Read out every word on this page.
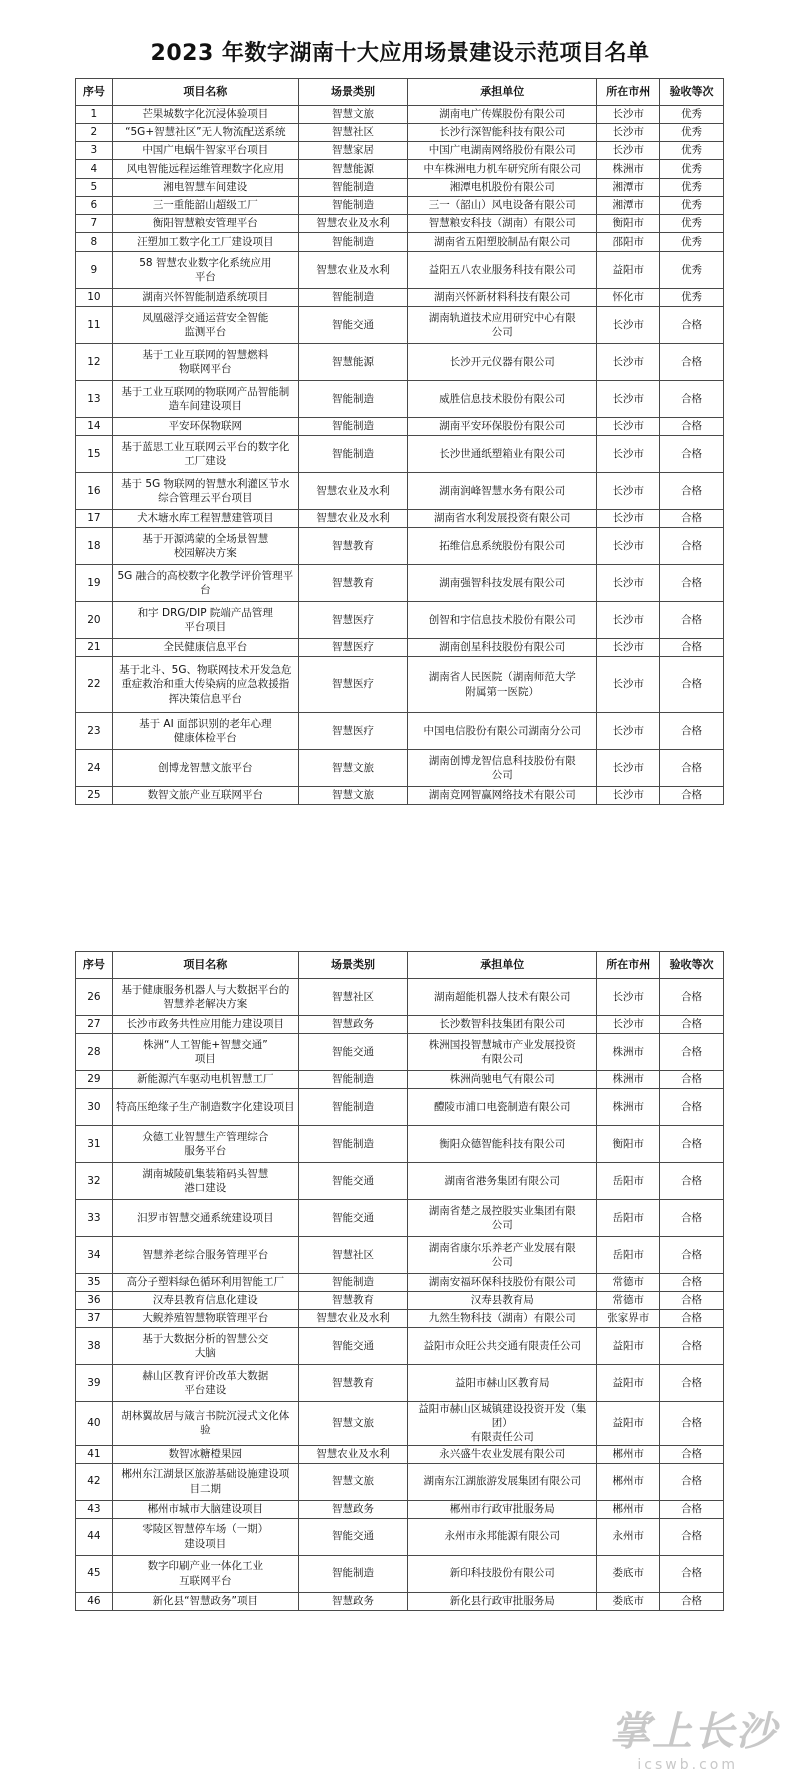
2023 年数字湖南十大应用场景建设示范项目名单
序号	项目名称	场景类别	承担单位	所在市州	验收等次
1	芒果城数字化沉浸体验项目	智慧文旅	湖南电广传媒股份有限公司	长沙市	优秀
2	“5G+智慧社区”无人物流配送系统	智慧社区	长沙行深智能科技有限公司	长沙市	优秀
3	中国广电蜗牛智家平台项目	智慧家居	中国广电湖南网络股份有限公司	长沙市	优秀
4	风电智能远程运维管理数字化应用	智慧能源	中车株洲电力机车研究所有限公司	株洲市	优秀
5	湘电智慧车间建设	智能制造	湘潭电机股份有限公司	湘潭市	优秀
6	三一重能韶山超级工厂	智能制造	三一（韶山）风电设备有限公司	湘潭市	优秀
7	衡阳智慧粮安管理平台	智慧农业及水利	智慧粮安科技（湖南）有限公司	衡阳市	优秀
8	汪塑加工数字化工厂建设项目	智能制造	湖南省五阳塑胶制品有限公司	邵阳市	优秀
9	58 智慧农业数字化系统应用
平台	智慧农业及水利	益阳五八农业服务科技有限公司	益阳市	优秀
10	湖南兴怀智能制造系统项目	智能制造	湖南兴怀新材料科技有限公司	怀化市	优秀
11	凤凰磁浮交通运营安全智能
监测平台	智能交通	湖南轨道技术应用研究中心有限
公司	长沙市	合格
12	基于工业互联网的智慧燃料
物联网平台	智慧能源	长沙开元仪器有限公司	长沙市	合格
13	基于工业互联网的物联网产品智能制
造车间建设项目	智能制造	威胜信息技术股份有限公司	长沙市	合格
14	平安环保物联网	智能制造	湖南平安环保股份有限公司	长沙市	合格
15	基于蓝思工业互联网云平台的数字化
工厂建设	智能制造	长沙世通纸塑箱业有限公司	长沙市	合格
16	基于 5G 物联网的智慧水利灌区节水
综合管理云平台项目	智慧农业及水利	湖南润峰智慧水务有限公司	长沙市	合格
17	犬木塘水库工程智慧建管项目	智慧农业及水利	湖南省水利发展投资有限公司	长沙市	合格
18	基于开源鸿蒙的全场景智慧
校园解决方案	智慧教育	拓维信息系统股份有限公司	长沙市	合格
19	5G 融合的高校数字化教学评价管理平
台	智慧教育	湖南强智科技发展有限公司	长沙市	合格
20	和宇 DRG/DIP 院端产品管理
平台项目	智慧医疗	创智和宇信息技术股份有限公司	长沙市	合格
21	全民健康信息平台	智慧医疗	湖南创星科技股份有限公司	长沙市	合格
22	基于北斗、5G、物联网技术开发急危
重症救治和重大传染病的应急救援指
挥决策信息平台	智慧医疗	湖南省人民医院（湖南师范大学
附属第一医院）	长沙市	合格
23	基于 AI 面部识别的老年心理
健康体检平台	智慧医疗	中国电信股份有限公司湖南分公司	长沙市	合格
24	创博龙智慧文旅平台	智慧文旅	湖南创博龙智信息科技股份有限
公司	长沙市	合格
25	数智文旅产业互联网平台	智慧文旅	湖南竞网智赢网络技术有限公司	长沙市	合格
序号	项目名称	场景类别	承担单位	所在市州	验收等次
26	基于健康服务机器人与大数据平台的
智慧养老解决方案	智慧社区	湖南超能机器人技术有限公司	长沙市	合格
27	长沙市政务共性应用能力建设项目	智慧政务	长沙数智科技集团有限公司	长沙市	合格
28	株洲“人工智能+智慧交通”
项目	智能交通	株洲国投智慧城市产业发展投资
有限公司	株洲市	合格
29	新能源汽车驱动电机智慧工厂	智能制造	株洲尚驰电气有限公司	株洲市	合格
30	特高压绝缘子生产制造数字化建设项目	智能制造	醴陵市浦口电瓷制造有限公司	株洲市	合格
31	众德工业智慧生产管理综合
服务平台	智能制造	衡阳众德智能科技有限公司	衡阳市	合格
32	湖南城陵矶集装箱码头智慧
港口建设	智能交通	湖南省港务集团有限公司	岳阳市	合格
33	汨罗市智慧交通系统建设项目	智能交通	湖南省楚之晟控股实业集团有限
公司	岳阳市	合格
34	智慧养老综合服务管理平台	智慧社区	湖南省康尔乐养老产业发展有限
公司	岳阳市	合格
35	高分子塑料绿色循环利用智能工厂	智能制造	湖南安福环保科技股份有限公司	常德市	合格
36	汉寿县教育信息化建设	智慧教育	汉寿县教育局	常德市	合格
37	大鲵养殖智慧物联管理平台	智慧农业及水利	九然生物科技（湖南）有限公司	张家界市	合格
38	基于大数据分析的智慧公交
大脑	智能交通	益阳市众旺公共交通有限责任公司	益阳市	合格
39	赫山区教育评价改革大数据
平台建设	智慧教育	益阳市赫山区教育局	益阳市	合格
40	胡林翼故居与箴言书院沉浸式文化体
验	智慧文旅	益阳市赫山区城镇建设投资开发（集团）
有限责任公司	益阳市	合格
41	数智冰糖橙果园	智慧农业及水利	永兴盛牛农业发展有限公司	郴州市	合格
42	郴州东江湖景区旅游基础设施建设项
目二期	智慧文旅	湖南东江湖旅游发展集团有限公司	郴州市	合格
43	郴州市城市大脑建设项目	智慧政务	郴州市行政审批服务局	郴州市	合格
44	零陵区智慧停车场（一期）
建设项目	智能交通	永州市永邦能源有限公司	永州市	合格
45	数字印刷产业一体化工业
互联网平台	智能制造	新印科技股份有限公司	娄底市	合格
46	新化县“智慧政务”项目	智慧政务	新化县行政审批服务局	娄底市	合格
掌上长沙
icswb.com
